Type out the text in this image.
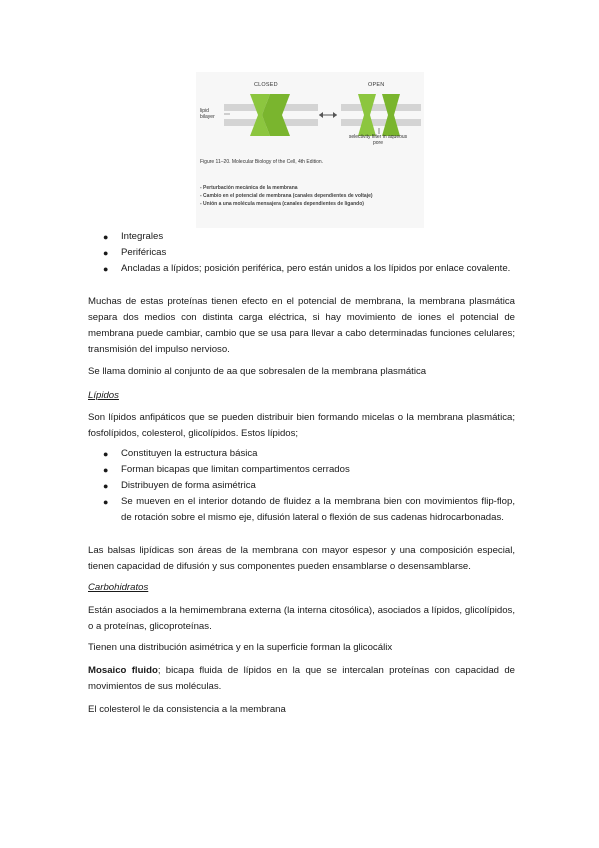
CLOSED	OPEN
lipid bilayer
selectivity filter in aqueous pore
Figure 11–20. Molecular Biology of the Cell, 4th Edition.
- Perturbación mecánica de la membrana
- Cambio en el potencial de membrana (canales dependientes de voltaje)
- Unión a una molécula mensajera (canales dependientes de ligando)
● Integrales
● Periféricas
● Ancladas a lípidos; posición periférica, pero están unidos a los lípidos por enlace covalente.

Muchas de estas proteínas tienen efecto en el potencial de membrana, la membrana plasmática separa dos medios con distinta carga eléctrica, si hay movimiento de iones el potencial de membrana puede cambiar, cambio que se usa para llevar a cabo determinadas funciones celulares; transmisión del impulso nervioso.

Se llama dominio al conjunto de aa que sobresalen de la membrana plasmática

Lípidos

Son lípidos anfipáticos que se pueden distribuir bien formando micelas o la membrana plasmática; fosfolípidos, colesterol, glicolípidos. Estos lípidos;

● Constituyen la estructura básica
● Forman bicapas que limitan compartimentos cerrados
● Distribuyen de forma asimétrica
● Se mueven en el interior dotando de fluidez a la membrana bien con movimientos flip-flop, de rotación sobre el mismo eje, difusión lateral o flexión de sus cadenas hidrocarbonadas.

Las balsas lipídicas son áreas de la membrana con mayor espesor y una composición especial, tienen capacidad de difusión y sus componentes pueden ensamblarse o desensamblarse.

Carbohidratos

Están asociados a la hemimembrana externa (la interna citosólica), asociados a lípidos, glicolípidos, o a proteínas, glicoproteínas.

Tienen una distribución asimétrica y en la superficie forman la glicocálix

Mosaico fluido; bicapa fluida de lípidos en la que se intercalan proteínas con capacidad de movimientos de sus moléculas.

El colesterol le da consistencia a la membrana
